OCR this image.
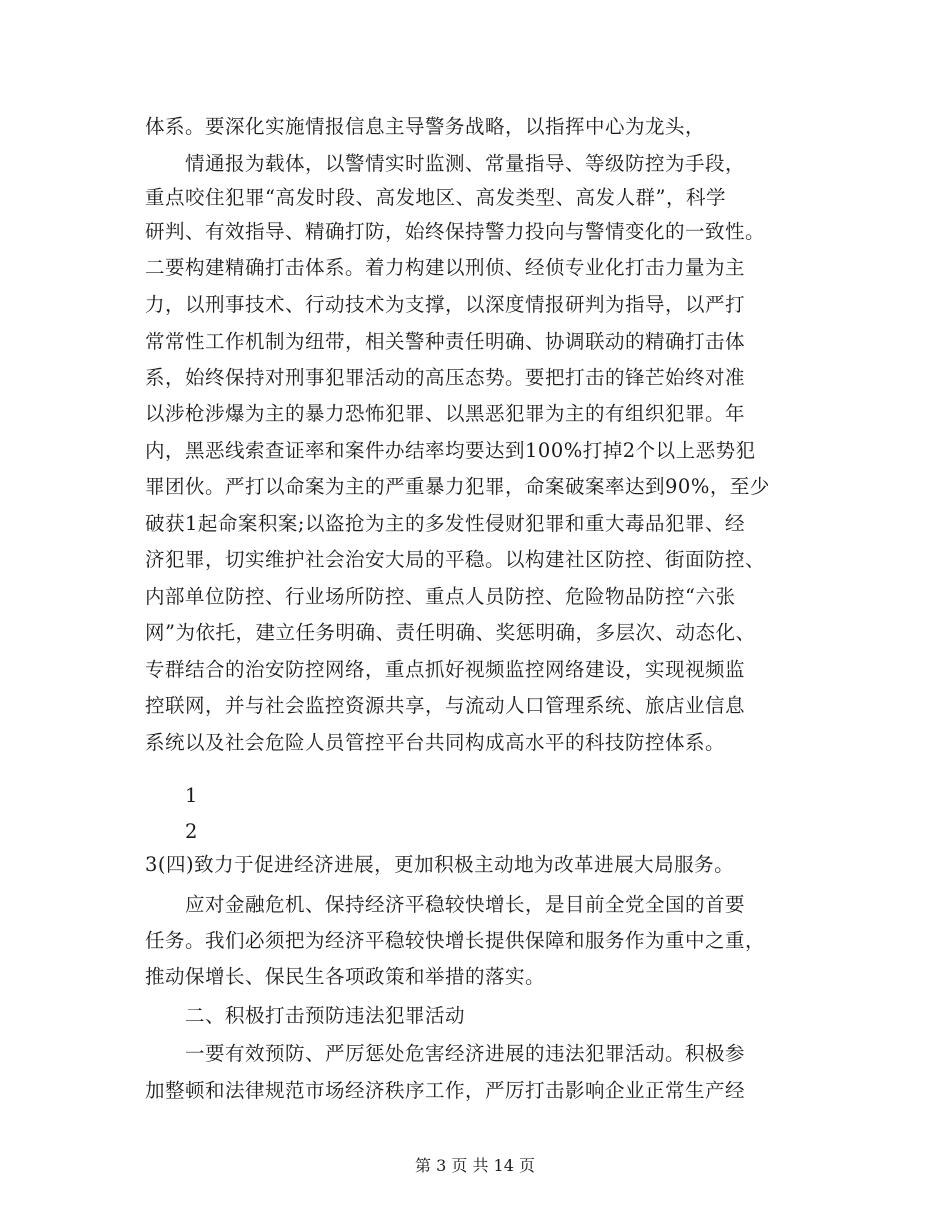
体系。要深化实施情报信息主导警务战略，以指挥中心为龙头，
　　情通报为载体，以警情实时监测、常量指导、等级防控为手段，
重点咬住犯罪“高发时段、高发地区、高发类型、高发人群”，科学
研判、有效指导、精确打防，始终保持警力投向与警情变化的一致性。
二要构建精确打击体系。着力构建以刑侦、经侦专业化打击力量为主
力，以刑事技术、行动技术为支撑，以深度情报研判为指导，以严打
常常性工作机制为纽带，相关警种责任明确、协调联动的精确打击体
系，始终保持对刑事犯罪活动的高压态势。要把打击的锋芒始终对准
以涉枪涉爆为主的暴力恐怖犯罪、以黑恶犯罪为主的有组织犯罪。年
内，黑恶线索查证率和案件办结率均要达到100%打掉2个以上恶势犯
罪团伙。严打以命案为主的严重暴力犯罪，命案破案率达到90%，至少
破获1起命案积案;以盗抢为主的多发性侵财犯罪和重大毒品犯罪、经
济犯罪，切实维护社会治安大局的平稳。以构建社区防控、街面防控、
内部单位防控、行业场所防控、重点人员防控、危险物品防控“六张
网”为依托，建立任务明确、责任明确、奖惩明确，多层次、动态化、
专群结合的治安防控网络，重点抓好视频监控网络建设，实现视频监
控联网，并与社会监控资源共享，与流动人口管理系统、旅店业信息
系统以及社会危险人员管控平台共同构成高水平的科技防控体系。
　　1
　　2
3(四)致力于促进经济进展，更加积极主动地为改革进展大局服务。
　　应对金融危机、保持经济平稳较快增长，是目前全党全国的首要
任务。我们必须把为经济平稳较快增长提供保障和服务作为重中之重，
推动保增长、保民生各项政策和举措的落实。
　　二、积极打击预防违法犯罪活动
　　一要有效预防、严厉惩处危害经济进展的违法犯罪活动。积极参
加整顿和法律规范市场经济秩序工作，严厉打击影响企业正常生产经
第 3 页 共 14 页
